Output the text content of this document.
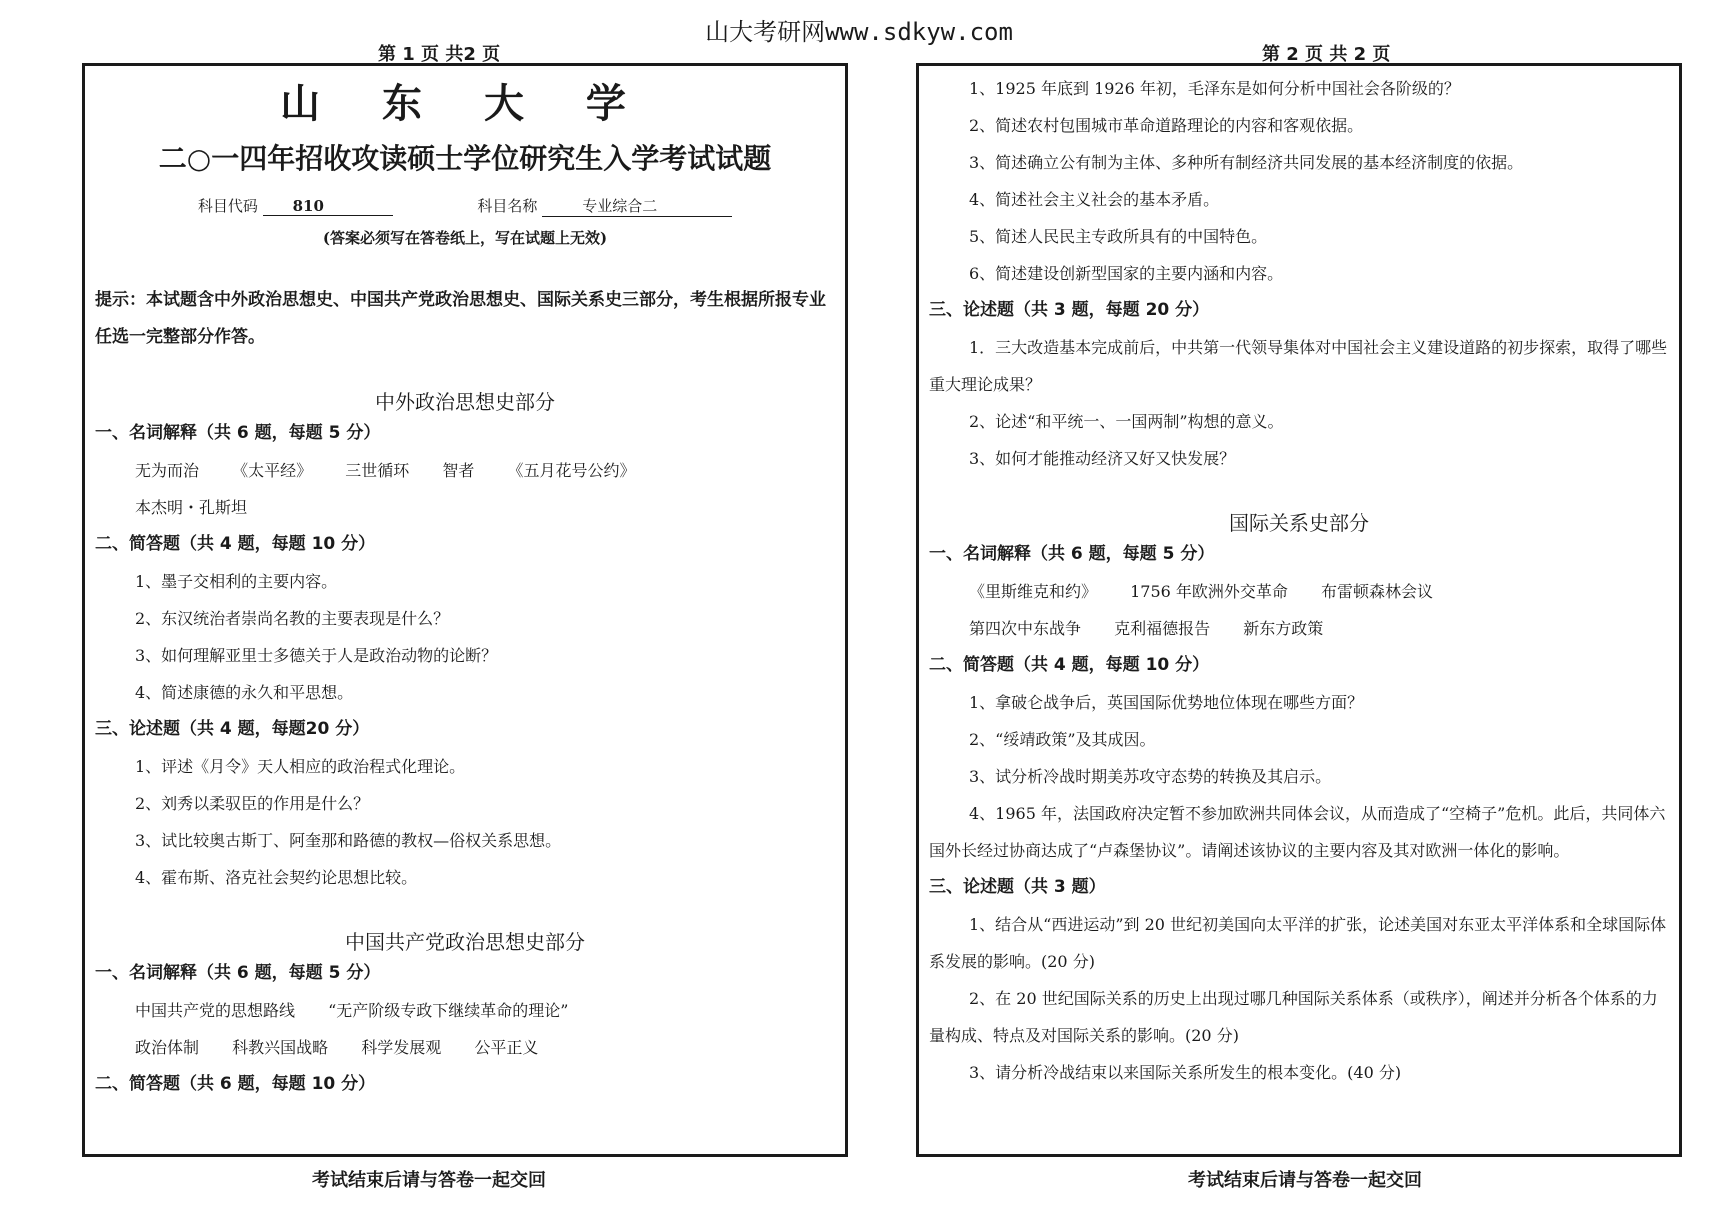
山大考研网www.sdkyw.com
第 1 页 共2 页	第 2 页 共 2 页
山 东 大 学
二○一四年招收攻读硕士学位研究生入学考试试题
科目代码 810	科目名称	专业综合二
(答案必须写在答卷纸上，写在试题上无效)
提示：本试题含中外政治思想史、中国共产党政治思想史、国际关系史三部分，考生根据所报专业任选一完整部分作答。
中外政治思想史部分
一、名词解释（共 6 题，每题 5 分）
无为而治 《太平经》 三世循环 智者 《五月花号公约》
本杰明・孔斯坦
二、简答题（共 4 题，每题 10 分）
1、墨子交相利的主要内容。
2、东汉统治者崇尚名教的主要表现是什么？
3、如何理解亚里士多德关于人是政治动物的论断？
4、简述康德的永久和平思想。
三、论述题（共 4 题，每题20 分）
1、评述《月令》天人相应的政治程式化理论。
2、刘秀以柔驭臣的作用是什么？
3、试比较奥古斯丁、阿奎那和路德的教权—俗权关系思想。
4、霍布斯、洛克社会契约论思想比较。
中国共产党政治思想史部分
一、名词解释（共 6 题，每题 5 分）
中国共产党的思想路线 “无产阶级专政下继续革命的理论”
政治体制 科教兴国战略 科学发展观 公平正义
二、简答题（共 6 题，每题 10 分）
1、1925 年底到 1926 年初，毛泽东是如何分析中国社会各阶级的？
2、简述农村包围城市革命道路理论的内容和客观依据。
3、简述确立公有制为主体、多种所有制经济共同发展的基本经济制度的依据。
4、简述社会主义社会的基本矛盾。
5、简述人民民主专政所具有的中国特色。
6、简述建设创新型国家的主要内涵和内容。
三、论述题（共 3 题，每题 20 分）
1．三大改造基本完成前后，中共第一代领导集体对中国社会主义建设道路的初步探索，取得了哪些重大理论成果？
2、论述“和平统一、一国两制”构想的意义。
3、如何才能推动经济又好又快发展？
国际关系史部分
一、名词解释（共 6 题，每题 5 分）
《里斯维克和约》 1756 年欧洲外交革命 布雷顿森林会议
第四次中东战争 克利福德报告 新东方政策
二、简答题（共 4 题，每题 10 分）
1、拿破仑战争后，英国国际优势地位体现在哪些方面？
2、“绥靖政策”及其成因。
3、试分析冷战时期美苏攻守态势的转换及其启示。
4、1965 年，法国政府决定暂不参加欧洲共同体会议，从而造成了“空椅子”危机。此后，共同体六国外长经过协商达成了“卢森堡协议”。请阐述该协议的主要内容及其对欧洲一体化的影响。
三、论述题（共 3 题）
1、结合从“西进运动”到 20 世纪初美国向太平洋的扩张，论述美国对东亚太平洋体系和全球国际体系发展的影响。(20 分)
2、在 20 世纪国际关系的历史上出现过哪几种国际关系体系（或秩序），阐述并分析各个体系的力量构成、特点及对国际关系的影响。(20 分)
3、请分析冷战结束以来国际关系所发生的根本变化。(40 分)
考试结束后请与答卷一起交回	考试结束后请与答卷一起交回
